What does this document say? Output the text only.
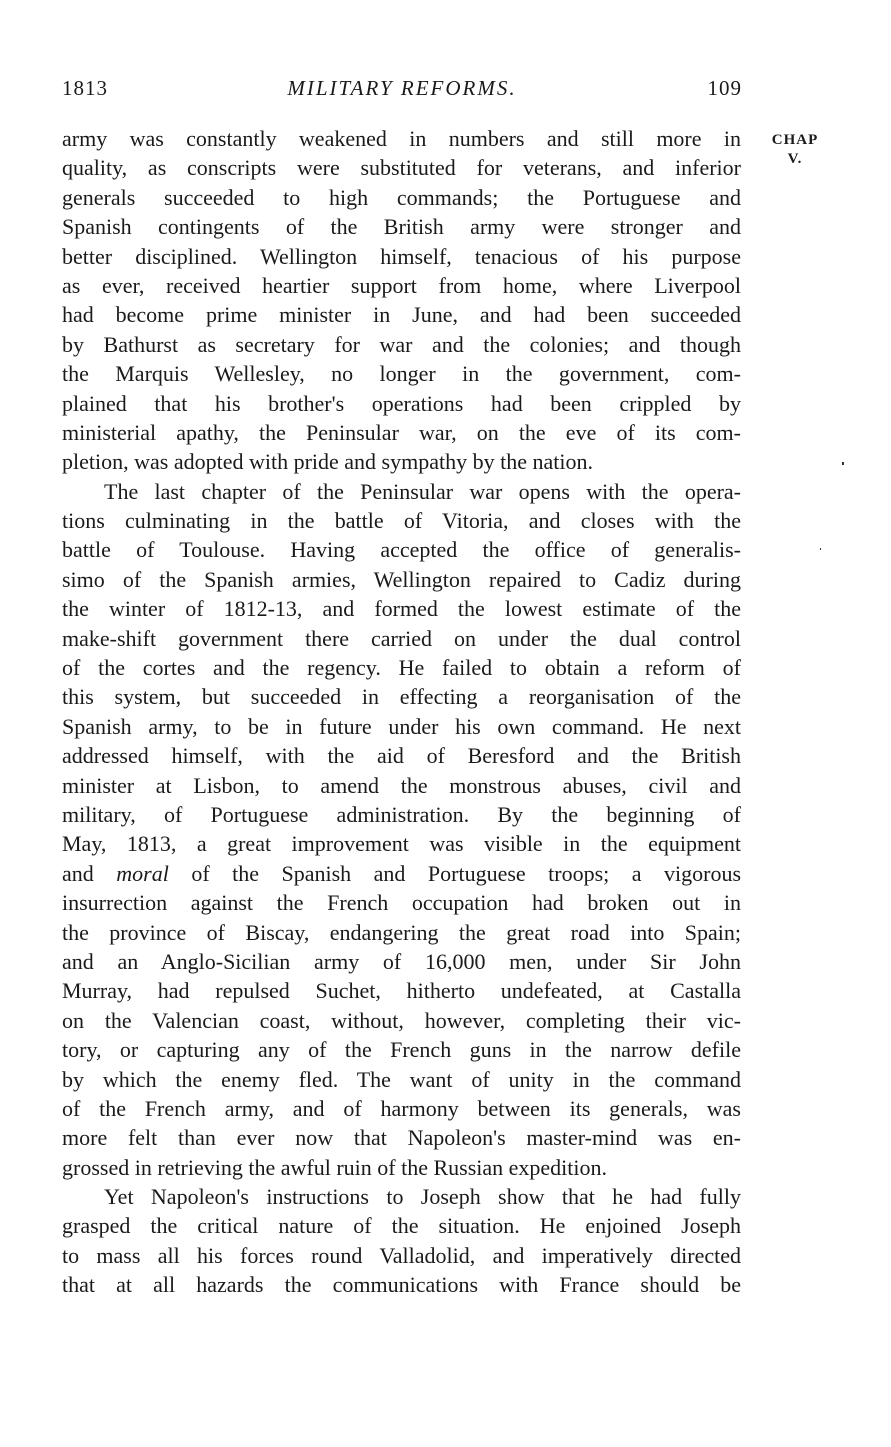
1813	MILITARY REFORMS.	109
CHAP
V.
army was constantly weakened in numbers and still more in
quality, as conscripts were substituted for veterans, and inferior
generals succeeded to high commands; the Portuguese and
Spanish contingents of the British army were stronger and
better disciplined. Wellington himself, tenacious of his purpose
as ever, received heartier support from home, where Liverpool
had become prime minister in June, and had been succeeded
by Bathurst as secretary for war and the colonies; and though
the Marquis Wellesley, no longer in the government, com-
plained that his brother's operations had been crippled by
ministerial apathy, the Peninsular war, on the eve of its com-
pletion, was adopted with pride and sympathy by the nation.
The last chapter of the Peninsular war opens with the opera-
tions culminating in the battle of Vitoria, and closes with the
battle of Toulouse. Having accepted the office of generalis-
simo of the Spanish armies, Wellington repaired to Cadiz during
the winter of 1812-13, and formed the lowest estimate of the
make-shift government there carried on under the dual control
of the cortes and the regency. He failed to obtain a reform of
this system, but succeeded in effecting a reorganisation of the
Spanish army, to be in future under his own command. He next
addressed himself, with the aid of Beresford and the British
minister at Lisbon, to amend the monstrous abuses, civil and
military, of Portuguese administration. By the beginning of
May, 1813, a great improvement was visible in the equipment
and moral of the Spanish and Portuguese troops; a vigorous
insurrection against the French occupation had broken out in
the province of Biscay, endangering the great road into Spain;
and an Anglo-Sicilian army of 16,000 men, under Sir John
Murray, had repulsed Suchet, hitherto undefeated, at Castalla
on the Valencian coast, without, however, completing their vic-
tory, or capturing any of the French guns in the narrow defile
by which the enemy fled. The want of unity in the command
of the French army, and of harmony between its generals, was
more felt than ever now that Napoleon's master-mind was en-
grossed in retrieving the awful ruin of the Russian expedition.
Yet Napoleon's instructions to Joseph show that he had fully
grasped the critical nature of the situation. He enjoined Joseph
to mass all his forces round Valladolid, and imperatively directed
that at all hazards the communications with France should be
